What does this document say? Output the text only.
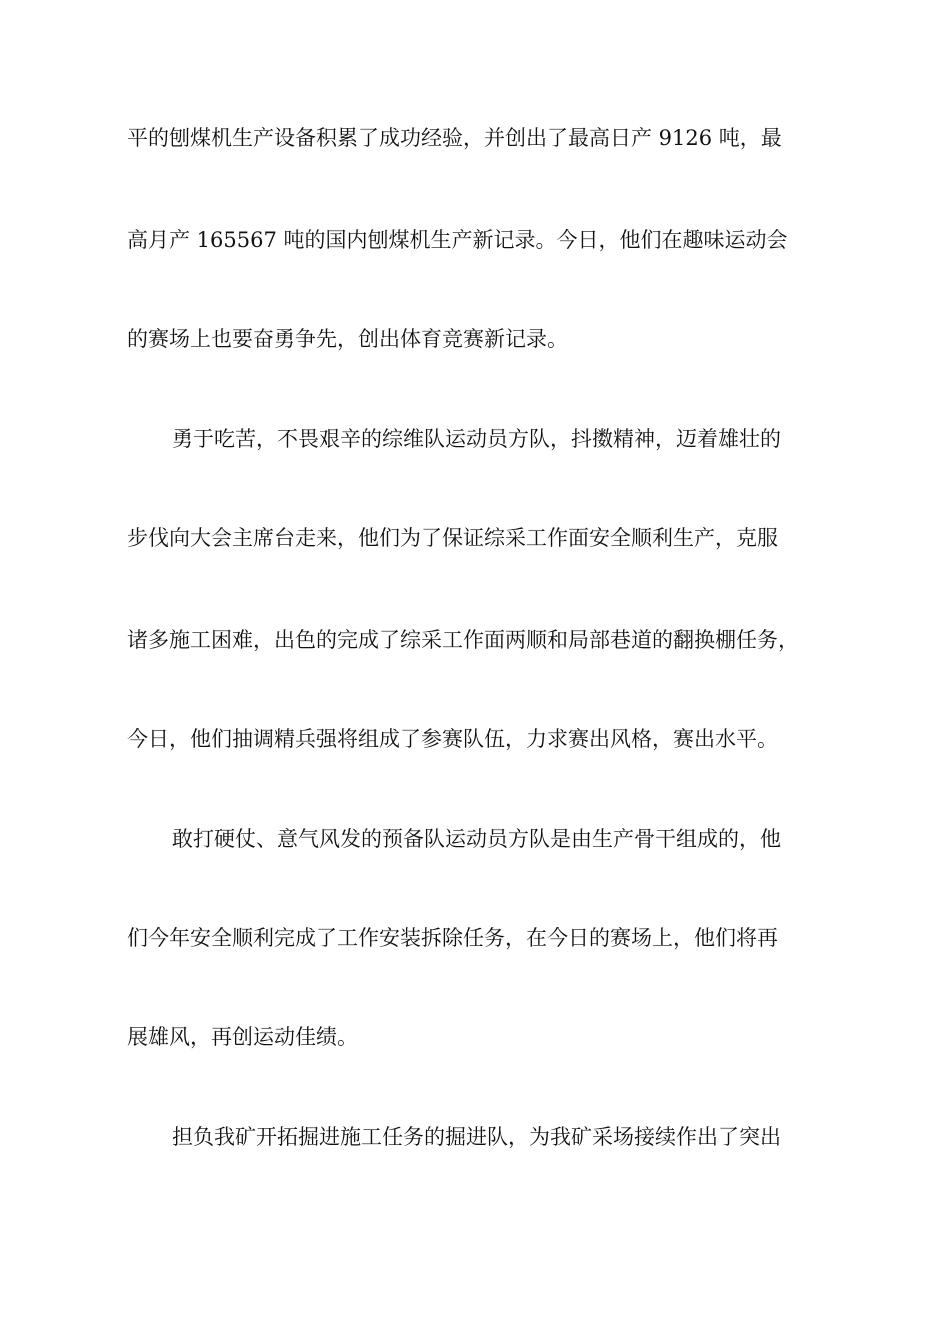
平的刨煤机生产设备积累了成功经验，并创出了最高日产 9126 吨，最
高月产 165567 吨的国内刨煤机生产新记录。今日，他们在趣味运动会
的赛场上也要奋勇争先，创出体育竞赛新记录。
勇于吃苦，不畏艰辛的综维队运动员方队，抖擞精神，迈着雄壮的
步伐向大会主席台走来，他们为了保证综采工作面安全顺利生产，克服
诸多施工困难，出色的完成了综采工作面两顺和局部巷道的翻换棚任务，
今日，他们抽调精兵强将组成了参赛队伍，力求赛出风格，赛出水平。
敢打硬仗、意气风发的预备队运动员方队是由生产骨干组成的，他
们今年安全顺利完成了工作安装拆除任务，在今日的赛场上，他们将再
展雄风，再创运动佳绩。
担负我矿开拓掘进施工任务的掘进队，为我矿采场接续作出了突出
